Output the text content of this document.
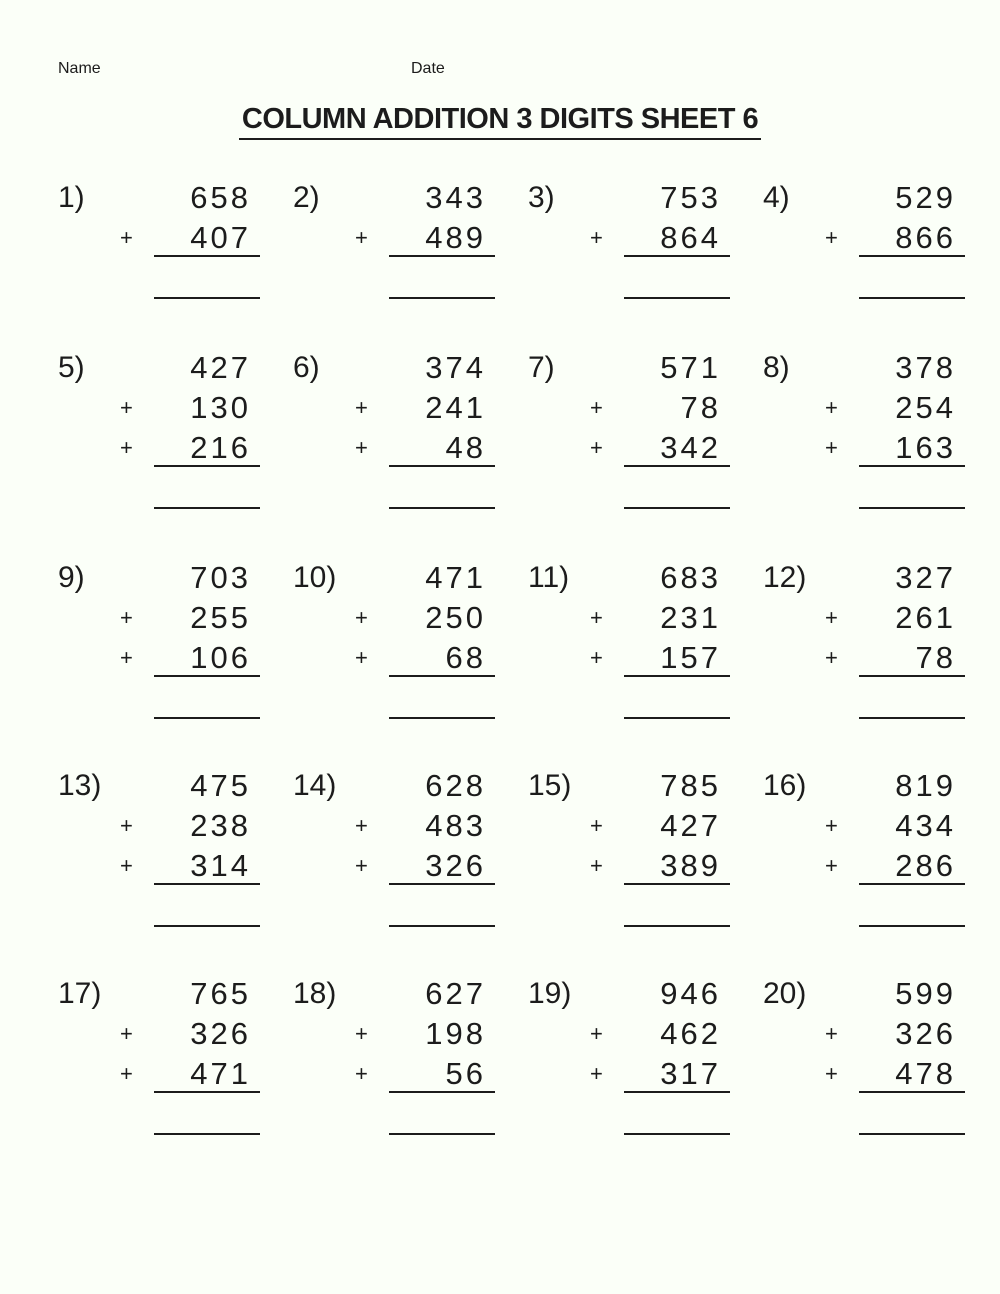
Name	Date
COLUMN ADDITION 3 DIGITS SHEET 6
1)	658
+ 407
2)	343
+ 489
3)	753
+ 864
4)	529
+ 866
5)	427
+ 130
+ 216
6)	374
+ 241
+	48
7)	571
+	78
+ 342
8)	378
+ 254
+ 163
9)	703
+ 255
+ 106
10)	471
+ 250
+	68
11)	683
+ 231
+ 157
12)	327
+ 261
+	78
13)	475
+ 238
+ 314
14)	628
+ 483
+ 326
15)	785
+ 427
+ 389
16)	819
+ 434
+ 286
17)	765
+ 326
+ 471
18)	627
+ 198
+	56
19)	946
+ 462
+ 317
20)	599
+ 326
+ 478
